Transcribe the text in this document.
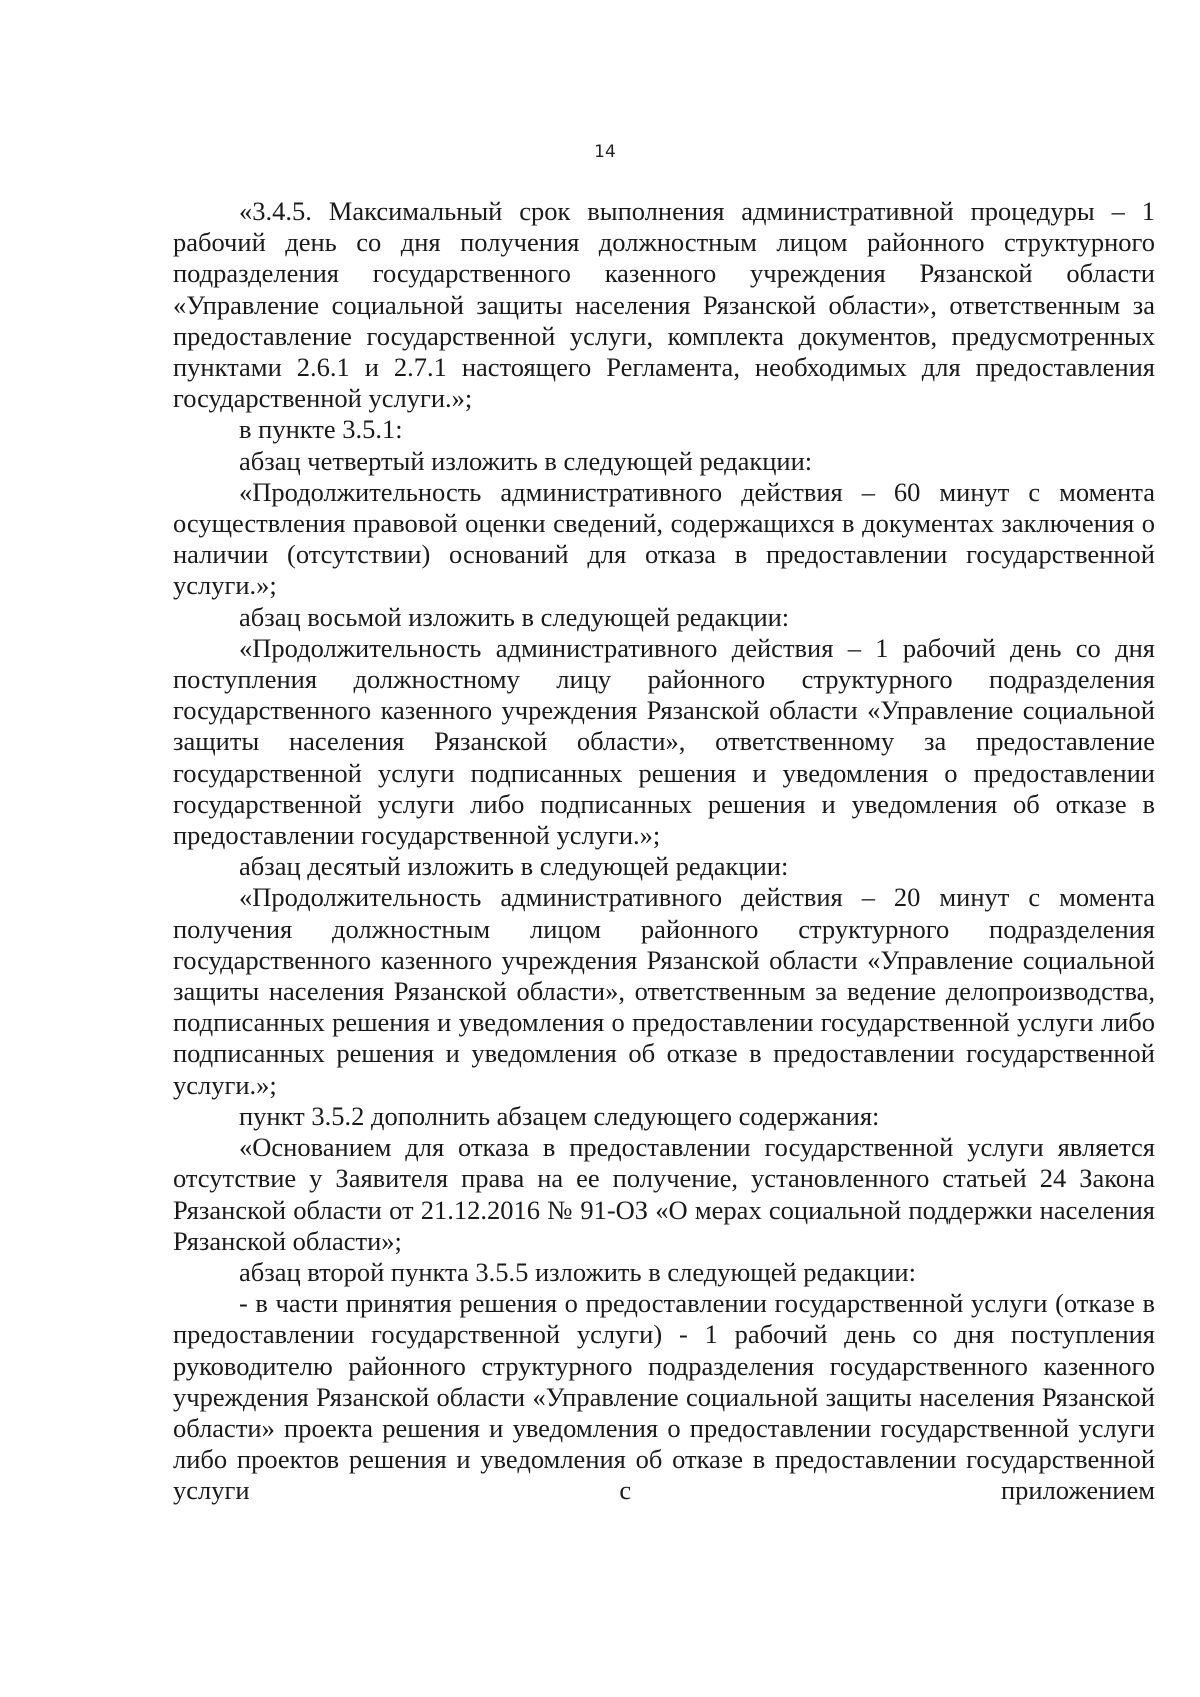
14

«3.4.5. Максимальный срок выполнения административной процедуры – 1 рабочий день со дня получения должностным лицом районного структурного подразделения государственного казенного учреждения Рязанской области «Управление социальной защиты населения Рязанской области», ответственным за предоставление государственной услуги, комплекта документов, предусмотренных пунктами 2.6.1 и 2.7.1 настоящего Регламента, необходимых для предоставления государственной услуги.»;

в пункте 3.5.1:

абзац четвертый изложить в следующей редакции:

«Продолжительность административного действия – 60 минут с момента осуществления правовой оценки сведений, содержащихся в документах заключения о наличии (отсутствии) оснований для отказа в предоставлении государственной услуги.»;

абзац восьмой изложить в следующей редакции:

«Продолжительность административного действия – 1 рабочий день со дня поступления должностному лицу районного структурного подразделения государственного казенного учреждения Рязанской области «Управление социальной защиты населения Рязанской области», ответственному за предоставление государственной услуги подписанных решения и уведомления о предоставлении государственной услуги либо подписанных решения и уведомления об отказе в предоставлении государственной услуги.»;

абзац десятый изложить в следующей редакции:

«Продолжительность административного действия – 20 минут с момента получения должностным лицом районного структурного подразделения государственного казенного учреждения Рязанской области «Управление социальной защиты населения Рязанской области», ответственным за ведение делопроизводства, подписанных решения и уведомления о предоставлении государственной услуги либо подписанных решения и уведомления об отказе в предоставлении государственной услуги.»;

пункт 3.5.2 дополнить абзацем следующего содержания:

«Основанием для отказа в предоставлении государственной услуги является отсутствие у Заявителя права на ее получение, установленного статьей 24 Закона Рязанской области от 21.12.2016 № 91-ОЗ «О мерах социальной поддержки населения Рязанской области»;

абзац второй пункта 3.5.5 изложить в следующей редакции:

- в части принятия решения о предоставлении государственной услуги (отказе в предоставлении государственной услуги) - 1 рабочий день со дня поступления руководителю районного структурного подразделения государственного казенного учреждения Рязанской области «Управление социальной защиты населения Рязанской области» проекта решения и уведомления о предоставлении государственной услуги либо проектов решения и уведомления об отказе в предоставлении государственной услуги с приложением
